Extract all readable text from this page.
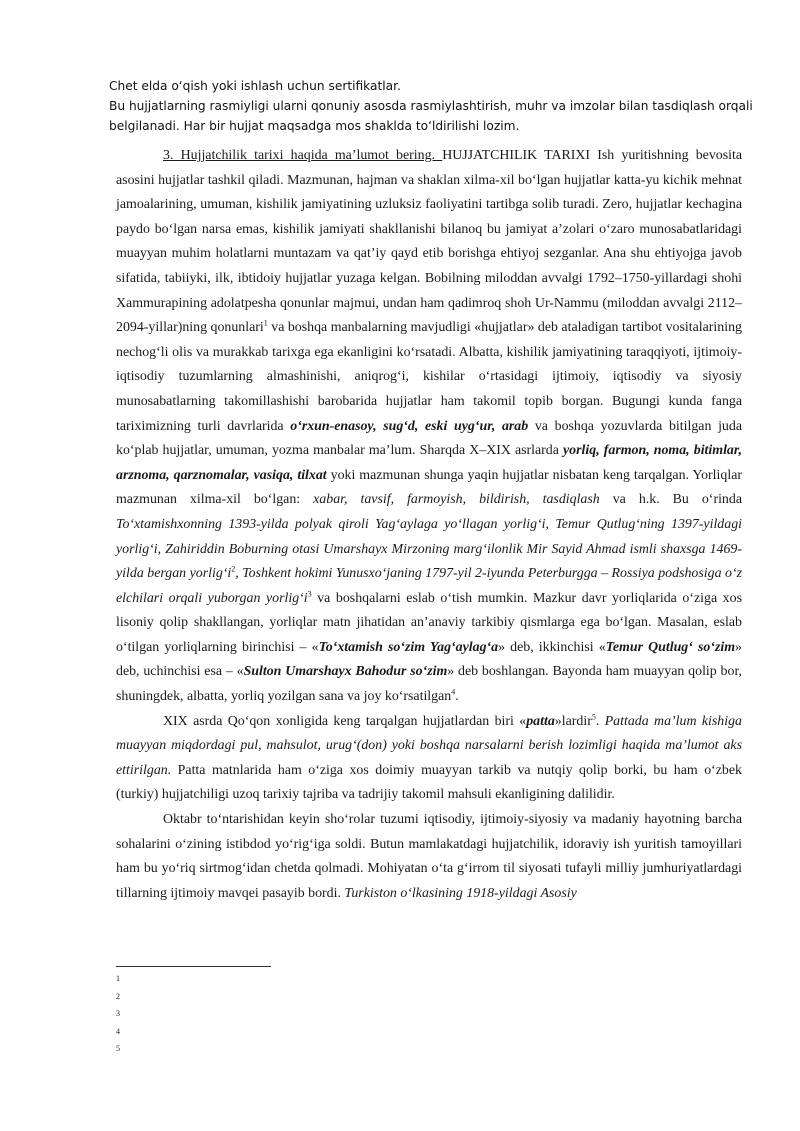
Chet elda o‘qish yoki ishlash uchun sertifikatlar.
Bu hujjatlarning rasmiyligi ularni qonuniy asosda rasmiylashtirish, muhr va imzolar bilan tasdiqlash orqali
belgilanadi. Har bir hujjat maqsadga mos shaklda to‘ldirilishi lozim.

3. Hujjatchilik tarixi haqida ma’lumot bering. HUJJATCHILIK TARIXI Ish yuritishning bevosita asosini hujjatlar tashkil qiladi. Mazmunan, hajman va shaklan xilma-xil bo‘lgan hujjatlar katta-yu kichik mehnat jamoalarining, umuman, kishilik jamiyatining uzluksiz faoliyatini tartibga solib turadi. Zero, hujjatlar kechagina paydo bo‘lgan narsa emas, kishilik jamiyati shakllanishi bilanoq bu jamiyat a’zolari o‘zaro munosabatlaridagi muayyan muhim holatlarni muntazam va qat’iy qayd etib borishga ehtiyoj sezganlar. Ana shu ehtiyojga javob sifatida, tabiiyki, ilk, ibtidoiy hujjatlar yuzaga kelgan. Bobilning miloddan avvalgi 1792–1750-yillardagi shohi Xammurapining adolatpesha qonunlar majmui, undan ham qadimroq shoh Ur-Nammu (miloddan avvalgi 2112–2094-yillar)ning qonunlari$^1$ va boshqa manbalarning mavjudligi «hujjatlar» deb ataladigan tartibot vositalarining nechog‘li olis va murakkab tarixga ega ekanligini ko‘rsatadi. Albatta, kishilik jamiyatining taraqqiyoti, ijtimoiy-iqtisodiy tuzumlarning almashinishi, aniqrog‘i, kishilar o‘rtasidagi ijtimoiy, iqtisodiy va siyosiy munosabatlarning takomillashishi barobarida hujjatlar ham takomil topib borgan. Bugungi kunda fanga tariximizning turli davrlarida o‘rxun-enasoy, sug‘d, eski uyg‘ur, arab va boshqa yozuvlarda bitilgan juda ko‘plab hujjatlar, umuman, yozma manbalar ma’lum. Sharqda X–XIX asrlarda yorliq, farmon, noma, bitimlar, arznoma, qarznomalar, vasiqa, tilxat yoki mazmunan shunga yaqin hujjatlar nisbatan keng tarqalgan. Yorliqlar mazmunan xilma-xil bo‘lgan: xabar, tavsif, farmoyish, bildirish, tasdiqlash va h.k. Bu o‘rinda To‘xtamishxonning 1393-yilda polyak qiroli Yag‘aylaga yo‘llagan yorlig‘i, Temur Qutlug‘ning 1397-yildagi yorlig‘i, Zahiriddin Boburning otasi Umarshayx Mirzoning marg‘ilonlik Mir Sayid Ahmad ismli shaxsga 1469-yilda bergan $yorlig‘i^2$, Toshkent hokimi Yunusxo‘janing 1797-yil 2-iyunda Peterburgga – Rossiya podshosiga o‘z elchilari orqali yuborgan $yorlig‘i^3$ va boshqalarni eslab o‘tish mumkin. Mazkur davr yorliqlarida o‘ziga xos lisoniy qolip shakllangan, yorliqlar matn jihatidan an’anaviy tarkibiy qismlarga ega bo‘lgan. Masalan, eslab o‘tilgan yorliqlarning birinchisi – «To‘xtamish so‘zim Yag‘aylag‘a» deb, ikkinchisi «Temur Qutlug‘ so‘zim» deb, uchinchisi esa – «Sulton Umarshayx Bahodur so‘zim» deb boshlangan. Bayonda ham muayyan qolip bor, shuningdek, albatta, yorliq yozilgan sana va joy ko‘rsatilgan$^4$.

XIX asrda Qo‘qon xonligida keng tarqalgan hujjatlardan biri «patta»lardir$^5$. Pattada ma’lum kishiga muayyan miqdordagi pul, mahsulot, urug‘(don) yoki boshqa narsalarni berish lozimligi haqida ma’lumot aks ettirilgan. Patta matnlarida ham o‘ziga xos doimiy muayyan tarkib va nutqiy qolip borki, bu ham o‘zbek (turkiy) hujjatchiligi uzoq tarixiy tajriba va tadrijiy takomil mahsuli ekanligining dalilidir.

Oktabr to‘ntarishidan keyin sho‘rolar tuzumi iqtisodiy, ijtimoiy-siyosiy va madaniy hayotning barcha sohalarini o‘zining istibdod yo‘rig‘iga soldi. Butun mamlakatdagi hujjatchilik, idoraviy ish yuritish tamoyillari ham bu yo‘riq sirtmog‘idan chetda qolmadi. Mohiyatan o‘ta g‘irrom til siyosati tufayli milliy jumhuriyatlardagi tillarning ijtimoiy mavqei pasayib bordi. Turkiston o‘lkasining 1918-yildagi Asosiy

1
2
3
4
5
